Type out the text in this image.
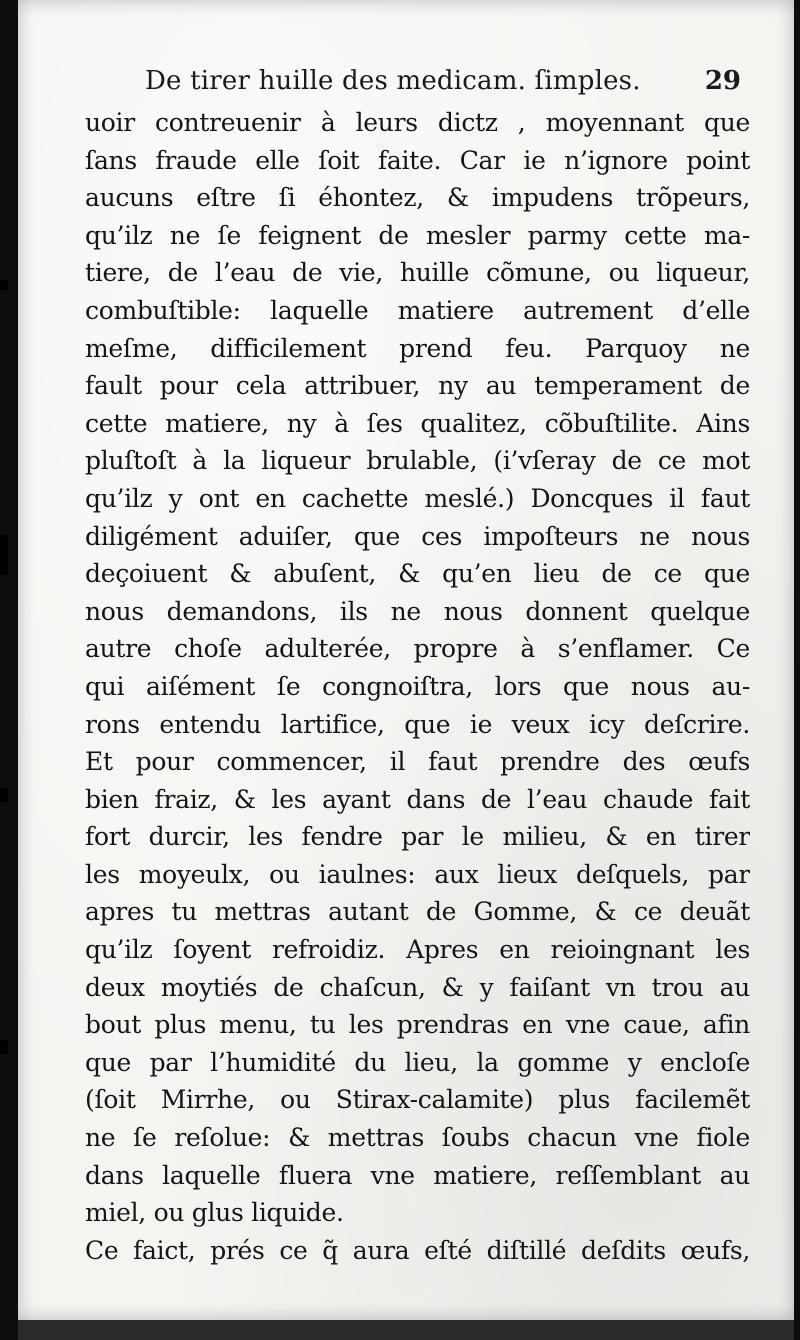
De tirer huille des medicam. ſimples. 29
uoir contreuenir à leurs dictz , moyennant que
ſans fraude elle ſoit faite. Car ie n’ignore point
aucuns eſtre ſi éhontez, & impudens trõpeurs,
qu’ilz ne ſe feignent de mesler parmy cette ma-
tiere, de l’eau de vie, huille cõmune, ou liqueur,
combuſtible: laquelle matiere autrement d’elle
meſme, difficilement prend feu. Parquoy ne
fault pour cela attribuer, ny au temperament de
cette matiere, ny à ſes qualitez, cõbuſtilite. Ains
pluſtoſt à la liqueur brulable, (i’vſeray de ce mot
qu’ilz y ont en cachette meslé.) Doncques il faut
diligément aduiſer, que ces impoſteurs ne nous
deçoiuent & abuſent, & qu’en lieu de ce que
nous demandons, ils ne nous donnent quelque
autre choſe adulterée, propre à s’enflamer. Ce
qui aiſément ſe congnoiſtra, lors que nous au-
rons entendu lartifice, que ie veux icy deſcrire.
Et pour commencer, il faut prendre des œufs
bien fraiz, & les ayant dans de l’eau chaude fait
fort durcir, les fendre par le milieu, & en tirer
les moyeulx, ou iaulnes: aux lieux deſquels, par
apres tu mettras autant de Gomme, & ce deuãt
qu’ilz ſoyent refroidiz. Apres en reioingnant les
deux moytiés de chaſcun, & y faiſant vn trou au
bout plus menu, tu les prendras en vne caue, afin
que par l’humidité du lieu, la gomme y encloſe
(ſoit Mirrhe, ou Stirax-calamite) plus facilemẽt
ne ſe reſolue: & mettras ſoubs chacun vne fiole
dans laquelle fluera vne matiere, reſſemblant au
miel, ou glus liquide.
Ce faict, prés ce q̃ aura eſté diſtillé deſdits œufs,
